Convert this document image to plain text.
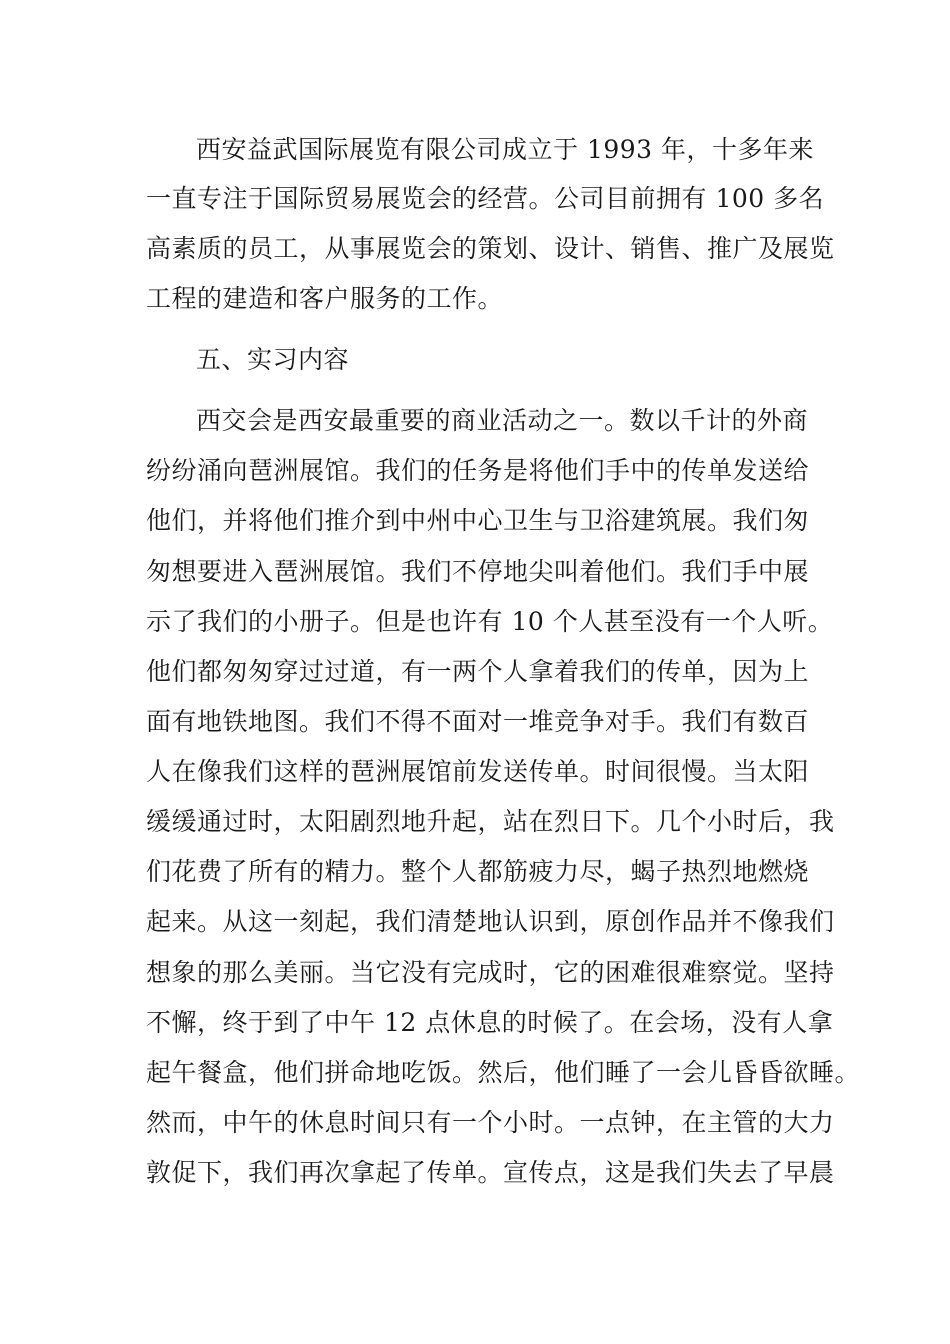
西安益武国际展览有限公司成立于 1993 年，十多年来
一直专注于国际贸易展览会的经营。公司目前拥有 100 多名
高素质的员工，从事展览会的策划、设计、销售、推广及展览
工程的建造和客户服务的工作。
五、实习内容
西交会是西安最重要的商业活动之一。数以千计的外商
纷纷涌向琶洲展馆。我们的任务是将他们手中的传单发送给
他们，并将他们推介到中州中心卫生与卫浴建筑展。我们匆
匆想要进入琶洲展馆。我们不停地尖叫着他们。我们手中展
示了我们的小册子。但是也许有 10 个人甚至没有一个人听。
他们都匆匆穿过过道，有一两个人拿着我们的传单，因为上
面有地铁地图。我们不得不面对一堆竞争对手。我们有数百
人在像我们这样的琶洲展馆前发送传单。时间很慢。当太阳
缓缓通过时，太阳剧烈地升起，站在烈日下。几个小时后，我
们花费了所有的精力。整个人都筋疲力尽，蝎子热烈地燃烧
起来。从这一刻起，我们清楚地认识到，原创作品并不像我们
想象的那么美丽。当它没有完成时，它的困难很难察觉。坚持
不懈，终于到了中午 12 点休息的时候了。在会场，没有人拿
起午餐盒，他们拼命地吃饭。然后，他们睡了一会儿昏昏欲睡。
然而，中午的休息时间只有一个小时。一点钟，在主管的大力
敦促下，我们再次拿起了传单。宣传点，这是我们失去了早晨
